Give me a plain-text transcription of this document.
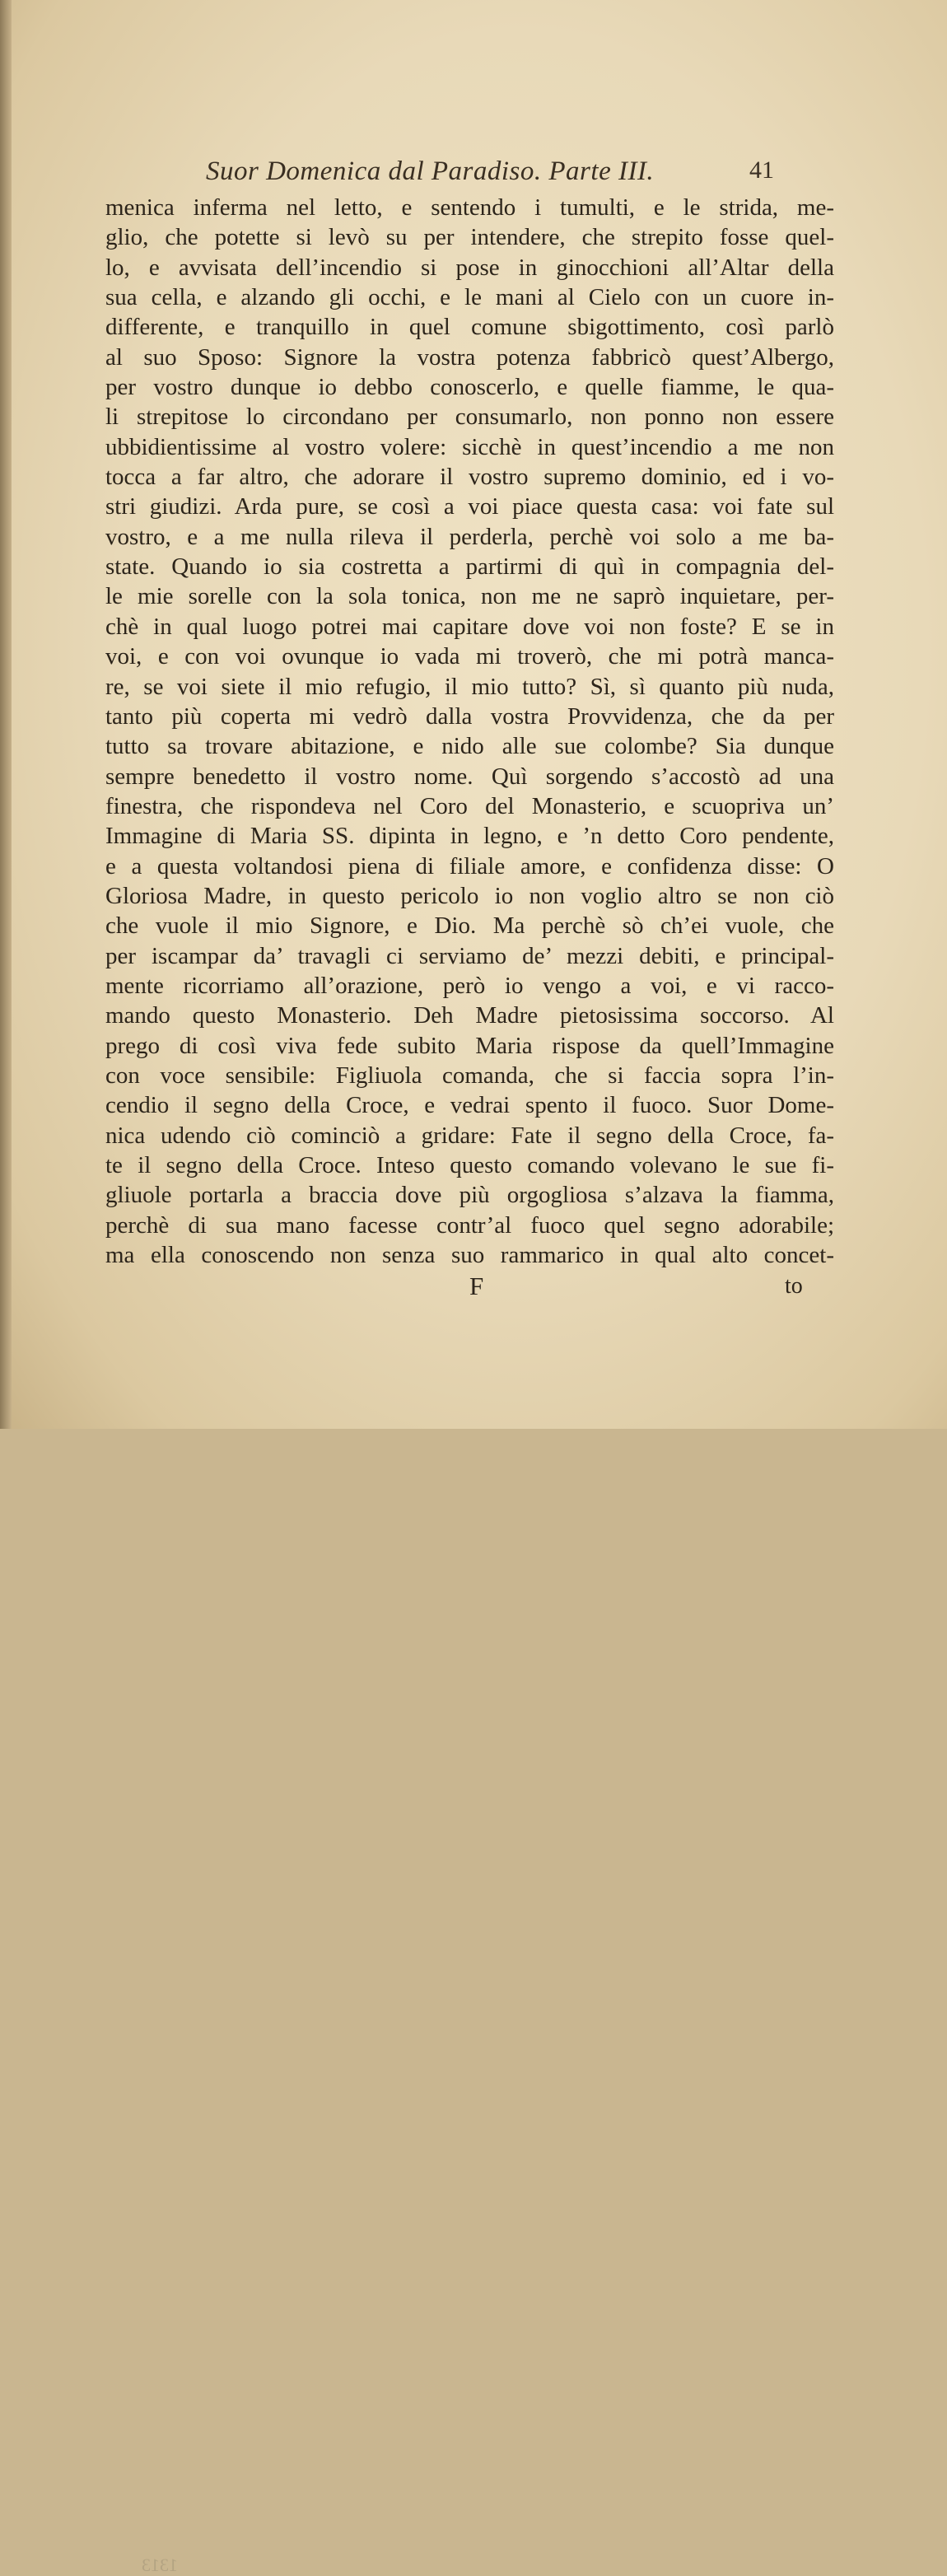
Suor Domenica dal Paradiso. Parte III.	41
menica inferma nel letto, e sentendo i tumulti, e le strida, me-
glio, che potette si levò su per intendere, che strepito fosse quel-
lo, e avvisata dell’incendio si pose in ginocchioni all’Altar della
sua cella, e alzando gli occhi, e le mani al Cielo con un cuore in-
differente, e tranquillo in quel comune sbigottimento, così parlò
al suo Sposo: Signore la vostra potenza fabbricò quest’Albergo,
per vostro dunque io debbo conoscerlo, e quelle fiamme, le qua-
li strepitose lo circondano per consumarlo, non ponno non essere
ubbidientissime al vostro volere: sicchè in quest’incendio a me non
tocca a far altro, che adorare il vostro supremo dominio, ed i vo-
stri giudizi. Arda pure, se così a voi piace questa casa: voi fate sul
vostro, e a me nulla rileva il perderla, perchè voi solo a me ba-
state. Quando io sia costretta a partirmi di quì in compagnia del-
le mie sorelle con la sola tonica, non me ne saprò inquietare, per-
chè in qual luogo potrei mai capitare dove voi non foste? E se in
voi, e con voi ovunque io vada mi troverò, che mi potrà manca-
re, se voi siete il mio refugio, il mio tutto? Sì, sì quanto più nuda,
tanto più coperta mi vedrò dalla vostra Provvidenza, che da per
tutto sa trovare abitazione, e nido alle sue colombe? Sia dunque
sempre benedetto il vostro nome. Quì sorgendo s’accostò ad una
finestra, che rispondeva nel Coro del Monasterio, e scuopriva un’
Immagine di Maria SS. dipinta in legno, e ’n detto Coro pendente,
e a questa voltandosi piena di filiale amore, e confidenza disse: O
Gloriosa Madre, in questo pericolo io non voglio altro se non ciò
che vuole il mio Signore, e Dio. Ma perchè sò ch’ei vuole, che
per iscampar da’ travagli ci serviamo de’ mezzi debiti, e principal-
mente ricorriamo all’orazione, però io vengo a voi, e vi racco-
mando questo Monasterio. Deh Madre pietosissima soccorso. Al
prego di così viva fede subito Maria rispose da quell’Immagine
con voce sensibile: Figliuola comanda, che si faccia sopra l’in-
cendio il segno della Croce, e vedrai spento il fuoco. Suor Dome-
nica udendo ciò cominciò a gridare: Fate il segno della Croce, fa-
te il segno della Croce. Inteso questo comando volevano le sue fi-
gliuole portarla a braccia dove più orgogliosa s’alzava la fiamma,
perchè di sua mano facesse contr’al fuoco quel segno adorabile;
ma ella conoscendo non senza suo rammarico in qual alto concet-
1313
F	to
